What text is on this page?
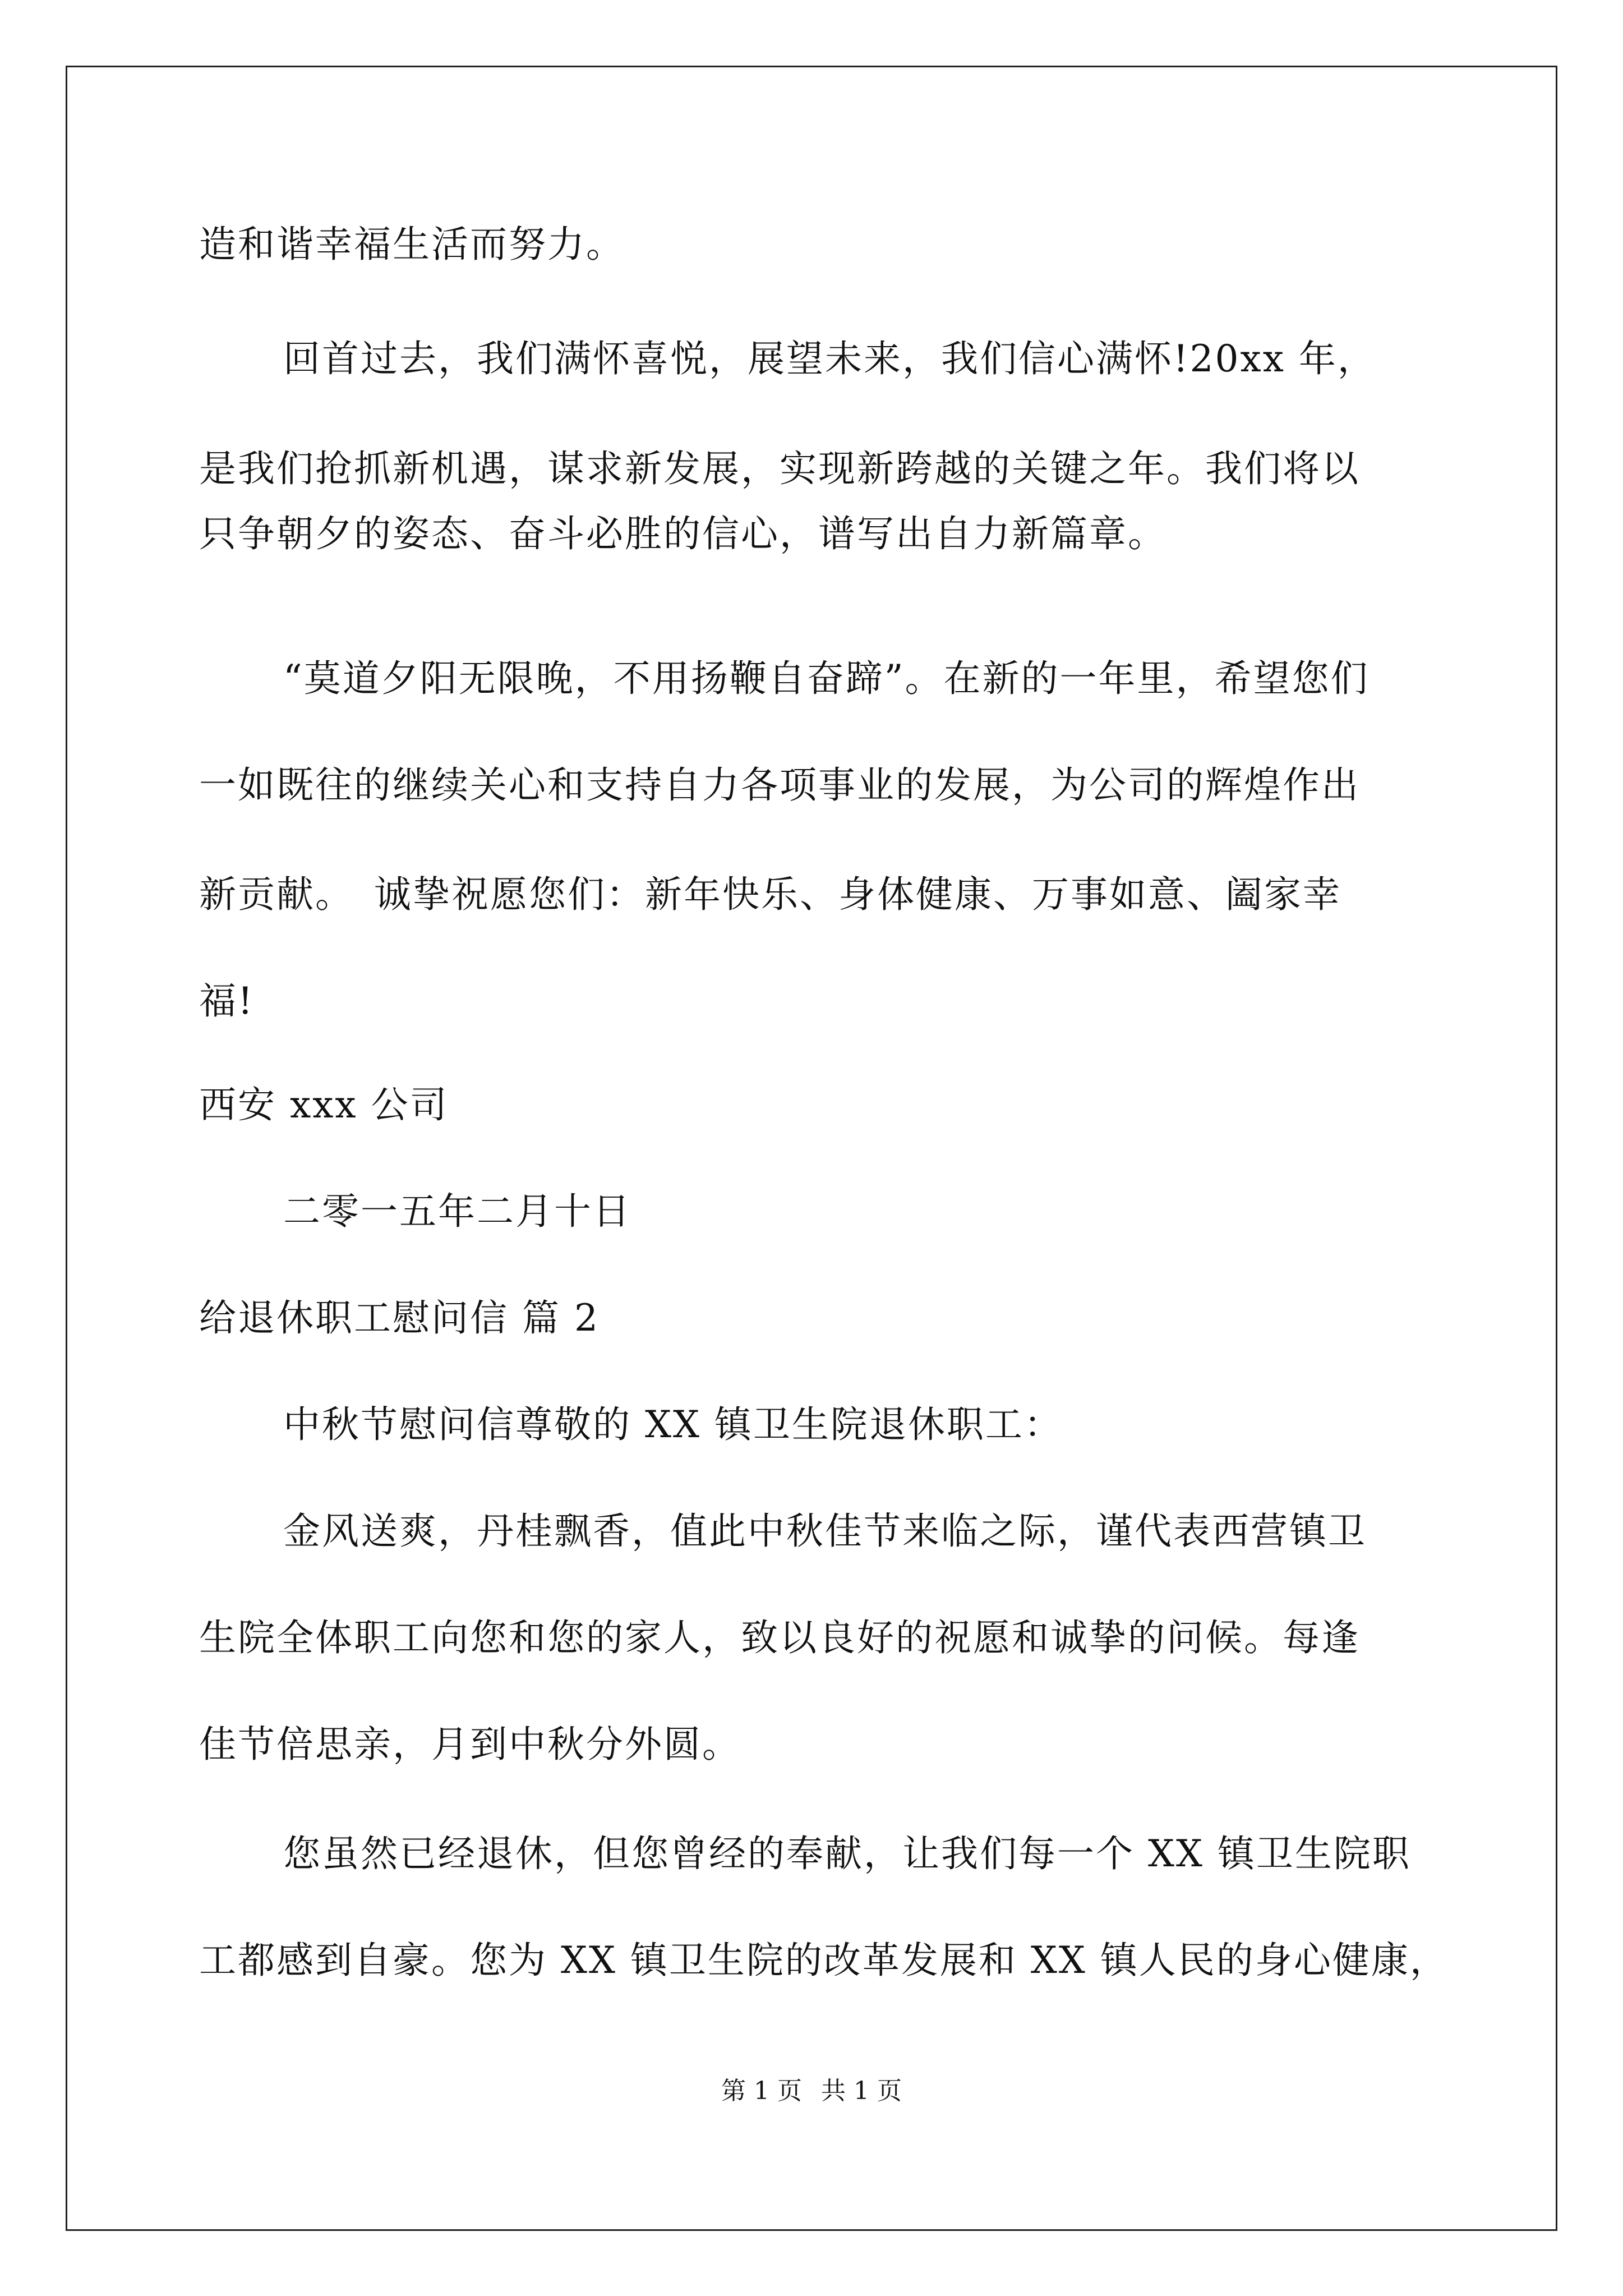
造和谐幸福生活而努力。
回首过去，我们满怀喜悦，展望未来，我们信心满怀!20xx 年，
是我们抢抓新机遇，谋求新发展，实现新跨越的关键之年。我们将以
只争朝夕的姿态、奋斗必胜的信心，谱写出自力新篇章。
“莫道夕阳无限晚，不用扬鞭自奋蹄”。在新的一年里，希望您们
一如既往的继续关心和支持自力各项事业的发展，为公司的辉煌作出
新贡献。　诚挚祝愿您们：新年快乐、身体健康、万事如意、阖家幸
福!
西安 xxx 公司
二零一五年二月十日
给退休职工慰问信 篇 2
中秋节慰问信尊敬的 XX 镇卫生院退休职工：
金风送爽，丹桂飘香，值此中秋佳节来临之际，谨代表西营镇卫
生院全体职工向您和您的家人，致以良好的祝愿和诚挚的问候。每逢
佳节倍思亲，月到中秋分外圆。
您虽然已经退休，但您曾经的奉献，让我们每一个 XX 镇卫生院职
工都感到自豪。您为 XX 镇卫生院的改革发展和 XX 镇人民的身心健康，
第 1 页 共 1 页
